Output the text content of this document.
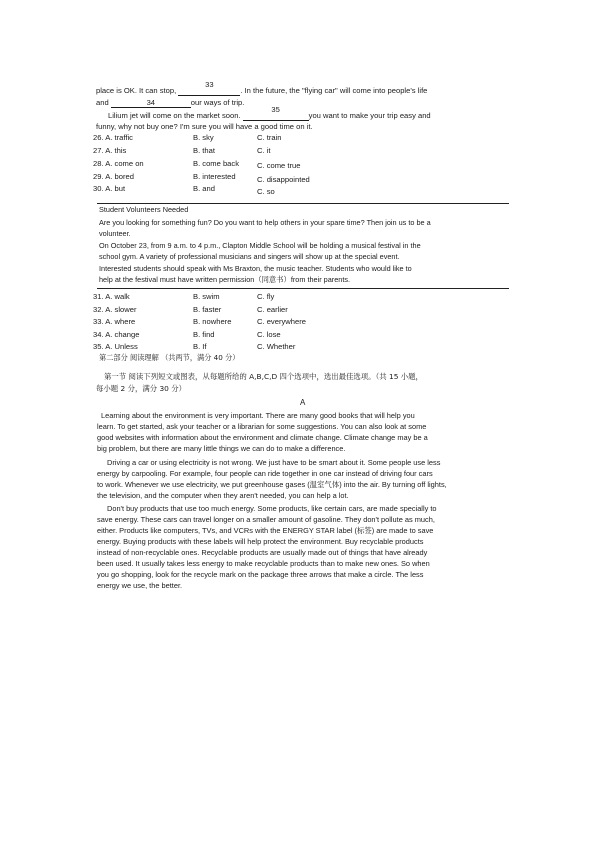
place is OK. It can stop, 33. In the future, the "flying car" will come into people's life
and	34	our ways of trip.
Lilium jet will come on the market soon. 35you want to make your trip easy and
funny, why not buy one? I'm sure you will have a good time on it.
26. A. traffic	B. sky	C. train
27. A. this	B. that	C. it
28. A. come on	B. come back C. come true
29. A. bored	B. interested	C. disappointed
30. A. but	B. and	C. so
Student Volunteers Needed
Are you looking for something fun? Do you want to help others in your spare time? Then join us to be a
volunteer.
On October 23, from 9 a.m. to 4 p.m., Clapton Middle School will be holding a musical festival in the
school gym. A variety of professional musicians and singers will show up at the special event.
Interested students should speak with Ms Braxton, the music teacher. Students who would like to
help at the festival must have written permission（同意书）from their parents.
31. A. walk	B. swim	C. fly
32. A. slower	B. faster	C. earlier
33. A. where	B. nowhere	C. everywhere
34. A. change	B. find	C. lose
35. A. Unless	B. If	C. Whether
第二部分 阅读理解 （共两节，满分 40 分）
第一节 阅读下列短文或图表，从每题所给的 A,B,C,D 四个选项中，选出最佳选项。（共 15 小题，
每小题 2 分，满分 30 分）
A
Learning about the environment is very important. There are many good books that will help you
learn. To get started, ask your teacher or a librarian for some suggestions. You can also look at some
good websites with information about the environment and climate change. Climate change may be a
big problem, but there are many little things we can do to make a difference.
Driving a car or using electricity is not wrong. We just have to be smart about it. Some people use less
energy by carpooling. For example, four people can ride together in one car instead of driving four cars
to work. Whenever we use electricity, we put greenhouse gases (温室气体) into the air. By turning off lights,
the television, and the computer when they aren't needed, you can help a lot.
Don't buy products that use too much energy. Some products, like certain cars, are made specially to
save energy. These cars can travel longer on a smaller amount of gasoline. They don't pollute as much,
either. Products like computers, TVs, and VCRs with the ENERGY STAR label (标签) are made to save
energy. Buying products with these labels will help protect the environment. Buy recyclable products
instead of non-recyclable ones. Recyclable products are usually made out of things that have already
been used. It usually takes less energy to make recyclable products than to make new ones. So when
you go shopping, look for the recycle mark on the package three arrows that make a circle. The less
energy we use, the better.
